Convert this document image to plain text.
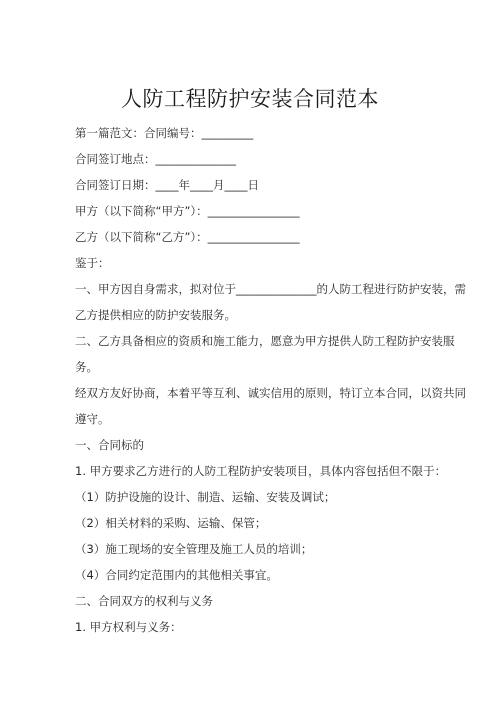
人防工程防护安装合同范本
第一篇范文：合同编号：_________
合同签订地点：______________
合同签订日期：____年____月____日
甲方（以下简称“甲方”）：________________
乙方（以下简称“乙方”）：________________
鉴于：
一、甲方因自身需求，拟对位于______________的人防工程进行防护安装，需
乙方提供相应的防护安装服务。
二、乙方具备相应的资质和施工能力，愿意为甲方提供人防工程防护安装服
务。
经双方友好协商，本着平等互利、诚实信用的原则，特订立本合同，以资共同
遵守。
一、合同标的
1. 甲方要求乙方进行的人防工程防护安装项目，具体内容包括但不限于：
（1）防护设施的设计、制造、运输、安装及调试；
（2）相关材料的采购、运输、保管；
（3）施工现场的安全管理及施工人员的培训；
（4）合同约定范围内的其他相关事宜。
二、合同双方的权利与义务
1. 甲方权利与义务：
